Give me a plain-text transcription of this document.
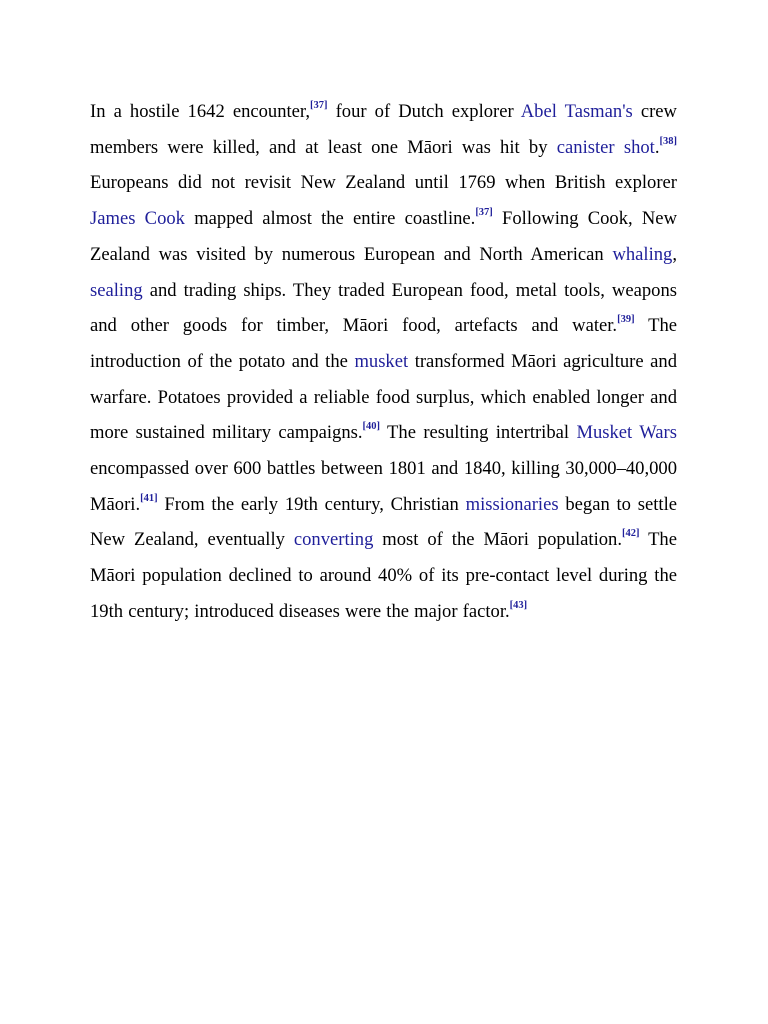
In a hostile 1642 encounter,[37] four of Dutch explorer Abel Tasman's crew members were killed, and at least one Māori was hit by canister shot.[38] Europeans did not revisit New Zealand until 1769 when British explorer James Cook mapped almost the entire coastline.[37] Following Cook, New Zealand was visited by numerous European and North American whaling, sealing and trading ships. They traded European food, metal tools, weapons and other goods for timber, Māori food, artefacts and water.[39] The introduction of the potato and the musket transformed Māori agriculture and warfare. Potatoes provided a reliable food surplus, which enabled longer and more sustained military campaigns.[40] The resulting intertribal Musket Wars encompassed over 600 battles between 1801 and 1840, killing 30,000–40,000 Māori.[41] From the early 19th century, Christian missionaries began to settle New Zealand, eventually converting most of the Māori population.[42] The Māori population declined to around 40% of its pre-contact level during the 19th century; introduced diseases were the major factor.[43]
